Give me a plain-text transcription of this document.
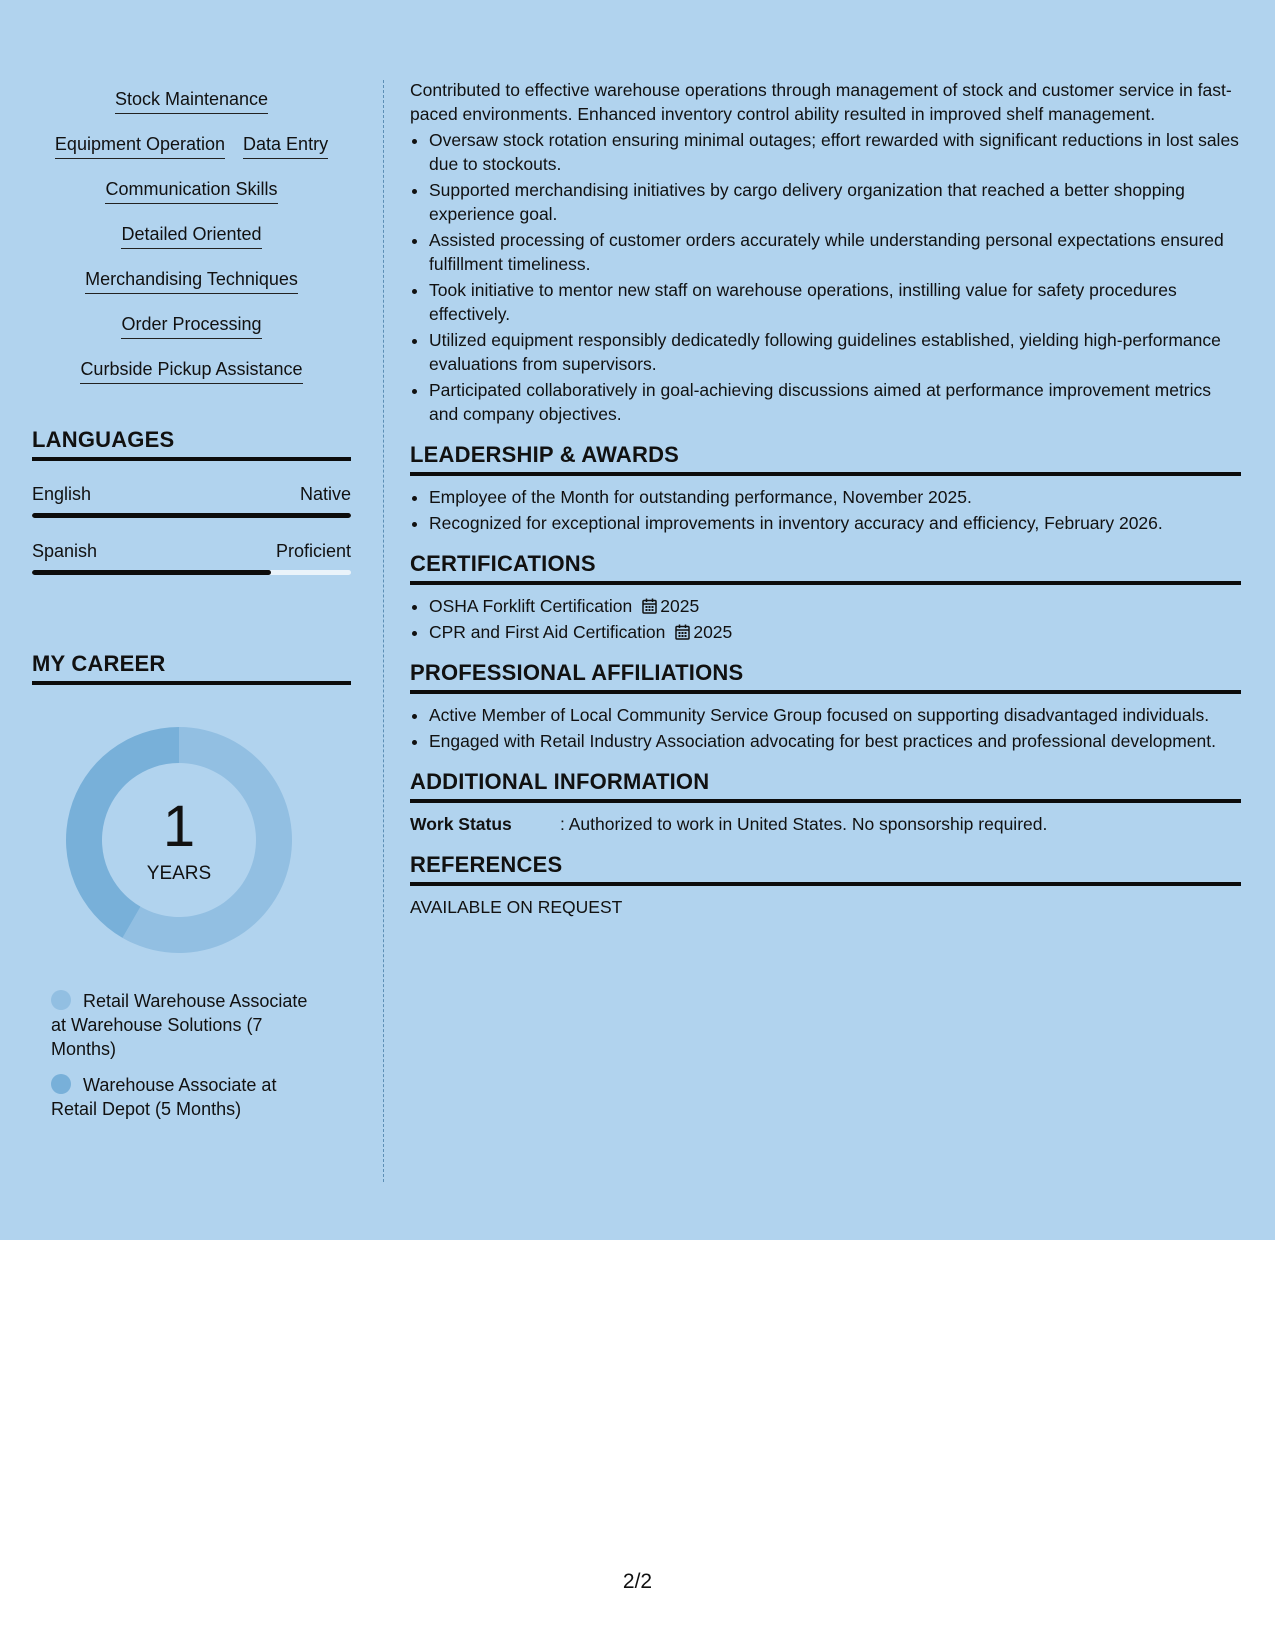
Stock Maintenance
Equipment Operation Data Entry
Communication Skills
Detailed Oriented
Merchandising Techniques
Order Processing
Curbside Pickup Assistance
LANGUAGES
English	Native
Spanish	Proficient
MY CAREER
1
YEARS
Retail Warehouse Associate at Warehouse Solutions (7 Months)
Warehouse Associate at Retail Depot (5 Months)
Contributed to effective warehouse operations through management of stock and customer service in fast-paced environments. Enhanced inventory control ability resulted in improved shelf management.
• Oversaw stock rotation ensuring minimal outages; effort rewarded with significant reductions in lost sales due to stockouts.
• Supported merchandising initiatives by cargo delivery organization that reached a better shopping experience goal.
• Assisted processing of customer orders accurately while understanding personal expectations ensured fulfillment timeliness.
• Took initiative to mentor new staff on warehouse operations, instilling value for safety procedures effectively.
• Utilized equipment responsibly dedicatedly following guidelines established, yielding high-performance evaluations from supervisors.
• Participated collaboratively in goal-achieving discussions aimed at performance improvement metrics and company objectives.
LEADERSHIP & AWARDS
• Employee of the Month for outstanding performance, November 2025.
• Recognized for exceptional improvements in inventory accuracy and efficiency, February 2026.
CERTIFICATIONS
• OSHA Forklift Certification 2025
• CPR and First Aid Certification 2025
PROFESSIONAL AFFILIATIONS
• Active Member of Local Community Service Group focused on supporting disadvantaged individuals.
• Engaged with Retail Industry Association advocating for best practices and professional development.
ADDITIONAL INFORMATION
Work Status	: Authorized to work in United States. No sponsorship required.
REFERENCES
AVAILABLE ON REQUEST
2/2
